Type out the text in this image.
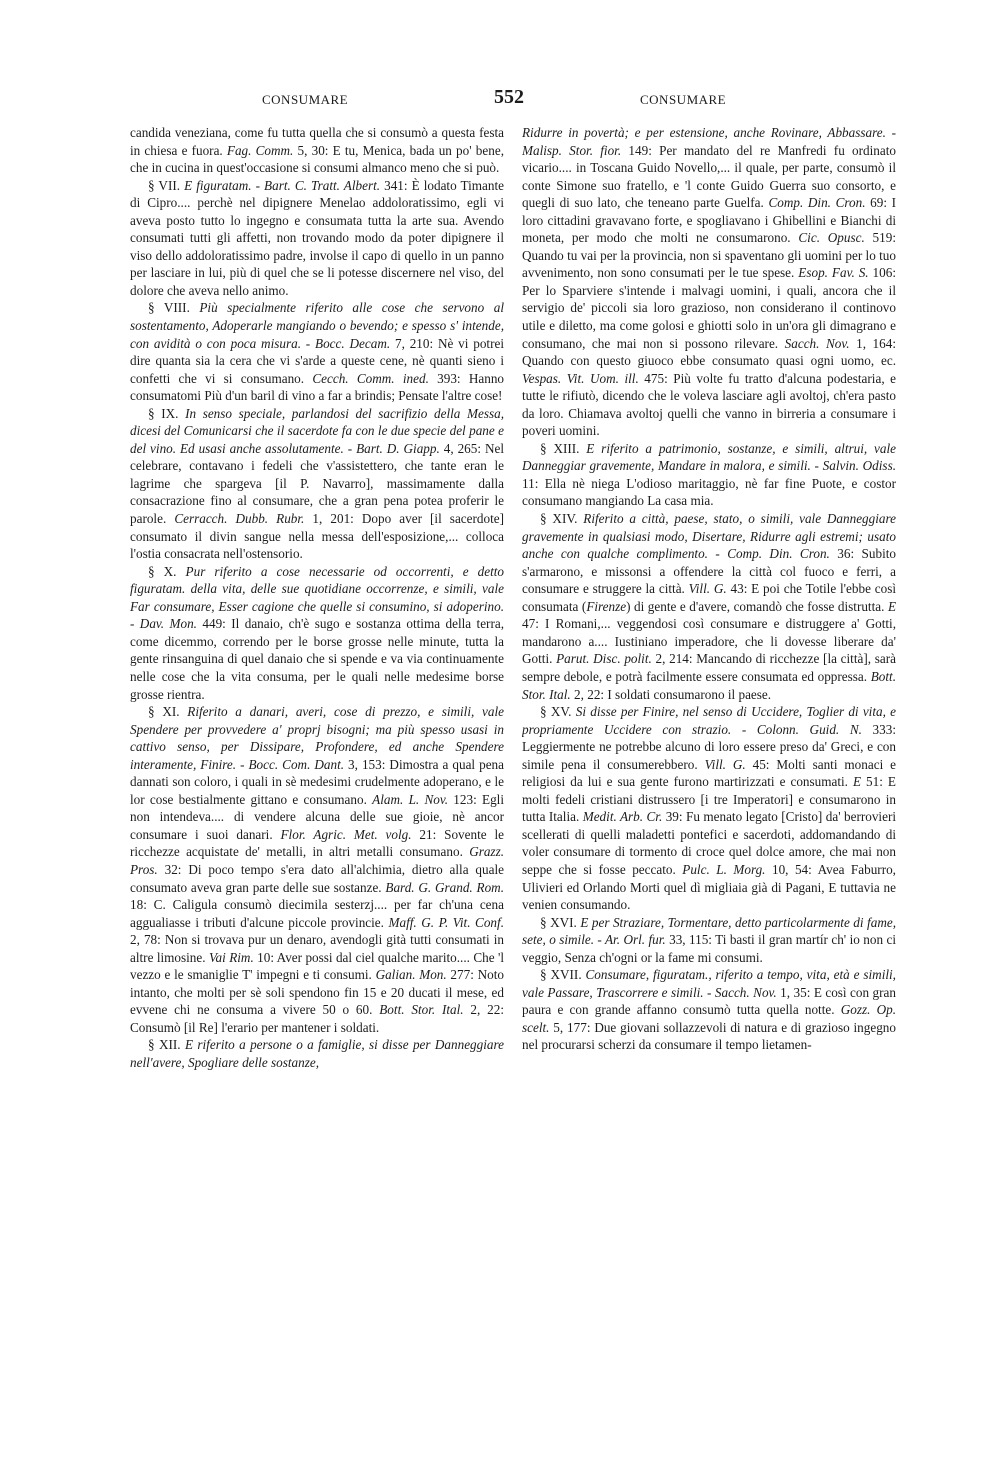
CONSUMARE	552	CONSUMARE

candida veneziana, come fu tutta quella che si consumò a questa festa in chiesa e fuora. Fag. Comm. 5, 30: E tu, Menica, bada un po' bene, che in cucina in quest'occasione si consumi almanco meno che si può.

§ VII. E figuratam. - Bart. C. Tratt. Albert. 341: È lodato Timante di Cipro.... perchè nel dipignere Menelao addoloratissimo, egli vi aveva posto tutto lo ingegno e consumata tutta la arte sua. Avendo consumati tutti gli affetti, non trovando modo da poter dipignere il viso dello addoloratissimo padre, involse il capo di quello in un panno per lasciare in lui, più di quel che se li potesse discernere nel viso, del dolore che aveva nello animo.

§ VIII. Più specialmente riferito alle cose che servono al sostentamento, Adoperarle mangiando o bevendo; e spesso s' intende, con avidità o con poca misura. - Bocc. Decam. 7, 210: Nè vi potrei dire quanta sia la cera che vi s'arde a queste cene, nè quanti sieno i confetti che vi si consumano. Cecch. Comm. ined. 393: Hanno consumatomi Più d'un baril di vino a far a brindis; Pensate l'altre cose!

§ IX. In senso speciale, parlandosi del sacrifizio della Messa, dicesi del Comunicarsi che il sacerdote fa con le due specie del pane e del vino. Ed usasi anche assolutamente. - Bart. D. Giapp. 4, 265: Nel celebrare, contavano i fedeli che v'assistettero, che tante eran le lagrime che spargeva [il P. Navarro], massimamente dalla consacrazione fino al consumare, che a gran pena potea proferir le parole. Cerracch. Dubb. Rubr. 1, 201: Dopo aver [il sacerdote] consumato il divin sangue nella messa dell'esposizione,... colloca l'ostia consacrata nell'ostensorio.

§ X. Pur riferito a cose necessarie od occorrenti, e detto figuratam. della vita, delle sue quotidiane occorrenze, e simili, vale Far consumare, Esser cagione che quelle si consumino, si adoperino. - Dav. Mon. 449: Il danaio, ch'è sugo e sostanza ottima della terra, come dicemmo, correndo per le borse grosse nelle minute, tutta la gente rinsanguina di quel danaio che si spende e va via continuamente nelle cose che la vita consuma, per le quali nelle medesime borse grosse rientra.

§ XI. Riferito a danari, averi, cose di prezzo, e simili, vale Spendere per provvedere a' proprj bisogni; ma più spesso usasi in cattivo senso, per Dissipare, Profondere, ed anche Spendere interamente, Finire. - Bocc. Com. Dant. 3, 153: Dimostra a qual pena dannati son coloro, i quali in sè medesimi crudelmente adoperano, e le lor cose bestialmente gittano e consumano. Alam. L. Nov. 123: Egli non intendeva.... di vendere alcuna delle sue gioie, nè ancor consumare i suoi danari. Flor. Agric. Met. volg. 21: Sovente le ricchezze acquistate de' metalli, in altri metalli consumano. Grazz. Pros. 32: Di poco tempo s'era dato all'alchimia, dietro alla quale consumato aveva gran parte delle sue sostanze. Bard. G. Grand. Rom. 18: C. Caligula consumò diecimila sesterzj.... per far ch'una cena aggualiasse i tributi d'alcune piccole provincie. Maff. G. P. Vit. Conf. 2, 78: Non si trovava pur un denaro, avendogli gità tutti consumati in altre limosine. Vai Rim. 10: Aver possi dal ciel qualche marito.... Che 'l vezzo e le smaniglie T' impegni e ti consumi. Galian. Mon. 277: Noto intanto, che molti per sè soli spendono fin 15 e 20 ducati il mese, ed evvene chi ne consuma a vivere 50 o 60. Bott. Stor. Ital. 2, 22: Consumò [il Re] l'erario per mantener i soldati.

§ XII. E riferito a persone o a famiglie, si disse per Danneggiare nell'avere, Spogliare delle sostanze,

Ridurre in povertà; e per estensione, anche Rovinare, Abbassare. - Malisp. Stor. fior. 149: Per mandato del re Manfredi fu ordinato vicario.... in Toscana Guido Novello,... il quale, per parte, consumò il conte Simone suo fratello, e 'l conte Guido Guerra suo consorto, e quegli di suo lato, che teneano parte Guelfa. Comp. Din. Cron. 69: I loro cittadini gravavano forte, e spogliavano i Ghibellini e Bianchi di moneta, per modo che molti ne consumarono. Cic. Opusc. 519: Quando tu vai per la provincia, non si spaventano gli uomini per lo tuo avvenimento, non sono consumati per le tue spese. Esop. Fav. S. 106: Per lo Sparviere s'intende i malvagi uomini, i quali, ancora che il servigio de' piccoli sia loro grazioso, non considerano il continovo utile e diletto, ma come golosi e ghiotti solo in un'ora gli dimagrano e consumano, che mai non si possono rilevare. Sacch. Nov. 1, 164: Quando con questo giuoco ebbe consumato quasi ogni uomo, ec. Vespas. Vit. Uom. ill. 475: Più volte fu tratto d'alcuna podestaria, e tutte le rifiutò, dicendo che le voleva lasciare agli avoltoj, ch'era pasto da loro. Chiamava avoltoj quelli che vanno in birreria a consumare i poveri uomini.

§ XIII. E riferito a patrimonio, sostanze, e simili, altrui, vale Danneggiar gravemente, Mandare in malora, e simili. - Salvin. Odiss. 11: Ella nè niega L'odioso maritaggio, nè far fine Puote, e costor consumano mangiando La casa mia.

§ XIV. Riferito a città, paese, stato, o simili, vale Danneggiare gravemente in qualsiasi modo, Disertare, Ridurre agli estremi; usato anche con qualche complimento. - Comp. Din. Cron. 36: Subito s'armarono, e missonsi a offendere la città col fuoco e ferri, a consumare e struggere la città. Vill. G. 43: E poi che Totile l'ebbe così consumata (Firenze) di gente e d'avere, comandò che fosse distrutta. E 47: I Romani,... veggendosi così consumare e distruggere a' Gotti, mandarono a.... Iustiniano imperadore, che li dovesse liberare da' Gotti. Parut. Disc. polit. 2, 214: Mancando di ricchezze [la città], sarà sempre debole, e potrà facilmente essere consumata ed oppressa. Bott. Stor. Ital. 2, 22: I soldati consumarono il paese.

§ XV. Si disse per Finire, nel senso di Uccidere, Toglier di vita, e propriamente Uccidere con strazio. - Colonn. Guid. N. 333: Leggiermente ne potrebbe alcuno di loro essere preso da' Greci, e con simile pena il consumerebbero. Vill. G. 45: Molti santi monaci e religiosi da lui e sua gente furono martirizzati e consumati. E 51: E molti fedeli cristiani distrussero [i tre Imperatori] e consumarono in tutta Italia. Medit. Arb. Cr. 39: Fu menato legato [Cristo] da' berrovieri scellerati di quelli maladetti pontefici e sacerdoti, addomandando di voler consumare di tormento di croce quel dolce amore, che mai non seppe che si fosse peccato. Pulc. L. Morg. 10, 54: Avea Faburro, Ulivieri ed Orlando Morti quel dì migliaia già di Pagani, E tuttavia ne venien consumando.

§ XVI. E per Straziare, Tormentare, detto particolarmente di fame, sete, o simile. - Ar. Orl. fur. 33, 115: Ti basti il gran martír ch' io non ci veggio, Senza ch'ogni or la fame mi consumi.

§ XVII. Consumare, figuratam., riferito a tempo, vita, età e simili, vale Passare, Trascorrere e simili. - Sacch. Nov. 1, 35: E così con gran paura e con grande affanno consumò tutta quella notte. Gozz. Op. scelt. 5, 177: Due giovani sollazzevoli di natura e di grazioso ingegno nel procurarsi scherzi da consumare il tempo lietamen-
